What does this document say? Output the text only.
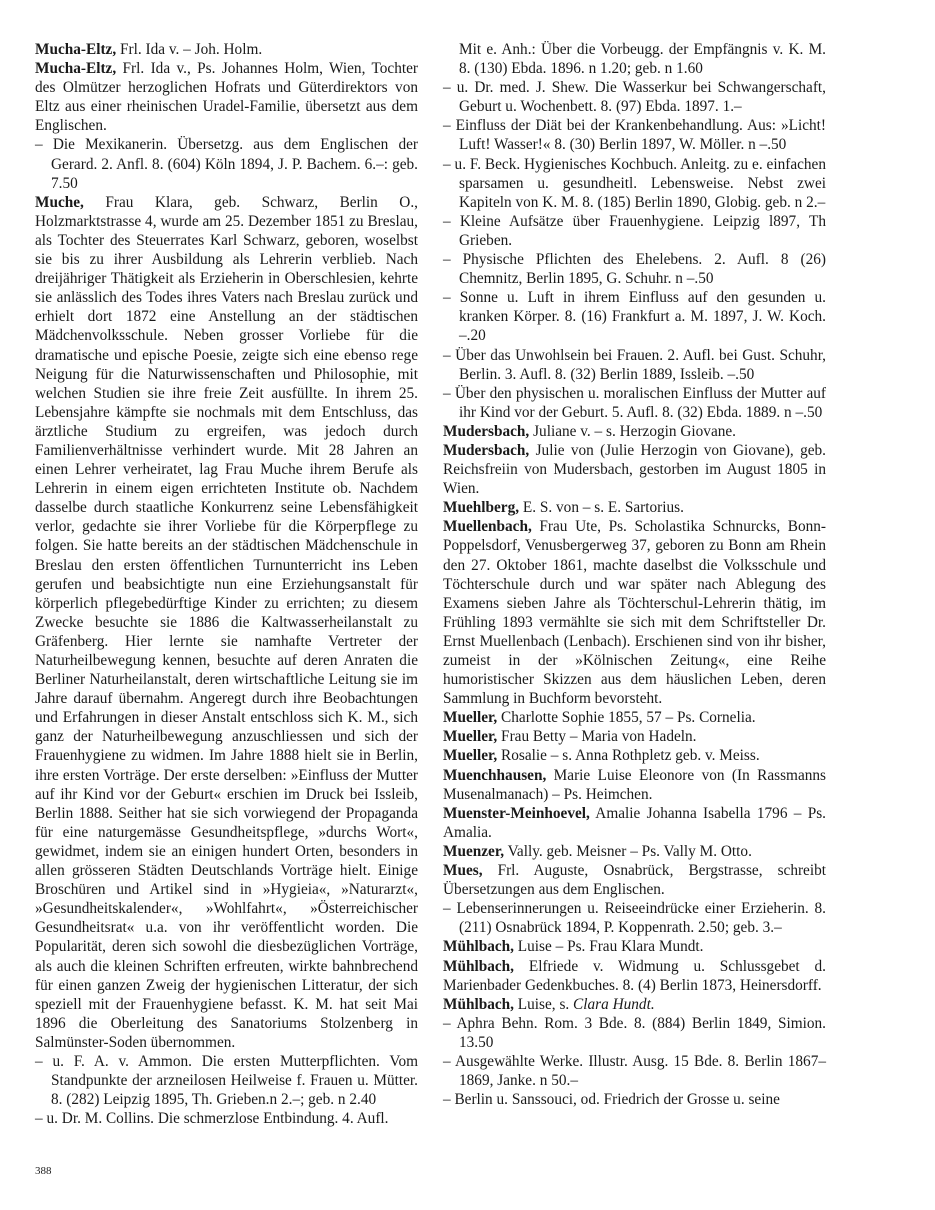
Mucha-Eltz, Frl. Ida v. – Joh. Holm.

Mucha-Eltz, Frl. Ida v., Ps. Johannes Holm, Wien, Tochter des Olmützer herzoglichen Hofrats und Güterdirektors von Eltz aus einer rheinischen Uradel-Familie, übersetzt aus dem Englischen.

– Die Mexikanerin. Übersetzg. aus dem Englischen der Gerard. 2. Anfl. 8. (604) Köln 1894, J. P. Bachem. 6.–: geb. 7.50

Muche, Frau Klara, geb. Schwarz, Berlin O., Holzmarktstrasse 4, wurde am 25. Dezember 1851 zu Breslau, als Tochter des Steuerrates Karl Schwarz, geboren, woselbst sie bis zu ihrer Ausbildung als Lehrerin verblieb. Nach dreijähriger Thätigkeit als Erzieherin in Oberschlesien, kehrte sie anlässlich des Todes ihres Vaters nach Breslau zurück und erhielt dort 1872 eine Anstellung an der städtischen Mädchenvolksschule. Neben grosser Vorliebe für die dramatische und epische Poesie, zeigte sich eine ebenso rege Neigung für die Naturwissenschaften und Philosophie, mit welchen Studien sie ihre freie Zeit ausfüllte. In ihrem 25. Lebensjahre kämpfte sie nochmals mit dem Entschluss, das ärztliche Studium zu ergreifen, was jedoch durch Familienverhältnisse verhindert wurde. Mit 28 Jahren an einen Lehrer verheiratet, lag Frau Muche ihrem Berufe als Lehrerin in einem eigen errichteten Institute ob. Nachdem dasselbe durch staatliche Konkurrenz seine Lebensfähigkeit verlor, gedachte sie ihrer Vorliebe für die Körperpflege zu folgen. Sie hatte bereits an der städtischen Mädchenschule in Breslau den ersten öffentlichen Turnunterricht ins Leben gerufen und beabsichtigte nun eine Erziehungsanstalt für körperlich pflegebedürftige Kinder zu errichten; zu diesem Zwecke besuchte sie 1886 die Kaltwasserheilanstalt zu Gräfenberg. Hier lernte sie namhafte Vertreter der Naturheilbewegung kennen, besuchte auf deren Anraten die Berliner Naturheilanstalt, deren wirtschaftliche Leitung sie im Jahre darauf übernahm. Angeregt durch ihre Beobachtungen und Erfahrungen in dieser Anstalt entschloss sich K. M., sich ganz der Naturheilbewegung anzuschliessen und sich der Frauenhygiene zu widmen. Im Jahre 1888 hielt sie in Berlin, ihre ersten Vorträge. Der erste derselben: »Einfluss der Mutter auf ihr Kind vor der Geburt« erschien im Druck bei Issleib, Berlin 1888. Seither hat sie sich vorwiegend der Propaganda für eine naturgemässe Gesundheitspflege, »durchs Wort«, gewidmet, indem sie an einigen hundert Orten, besonders in allen grösseren Städten Deutschlands Vorträge hielt. Einige Broschüren und Artikel sind in »Hygieia«, »Naturarzt«, »Gesundheitskalender«, »Wohlfahrt«, »Österreichischer Gesundheitsrat« u.a. von ihr veröffentlicht worden. Die Popularität, deren sich sowohl die diesbezüglichen Vorträge, als auch die kleinen Schriften erfreuten, wirkte bahnbrechend für einen ganzen Zweig der hygienischen Litteratur, der sich speziell mit der Frauenhygiene befasst. K. M. hat seit Mai 1896 die Oberleitung des Sanatoriums Stolzenberg in Salmünster-Soden übernommen.

– u. F. A. v. Ammon. Die ersten Mutterpflichten. Vom Standpunkte der arzneilosen Heilweise f. Frauen u. Mütter. 8. (282) Leipzig 1895, Th. Grieben.n 2.–; geb. n 2.40

– u. Dr. M. Collins. Die schmerzlose Entbindung. 4. Aufl.

Mit e. Anh.: Über die Vorbeugg. der Empfängnis v. K. M. 8. (130) Ebda. 1896. n 1.20; geb. n 1.60

– u. Dr. med. J. Shew. Die Wasserkur bei Schwangerschaft, Geburt u. Wochenbett. 8. (97) Ebda. 1897. 1.–

– Einfluss der Diät bei der Krankenbehandlung. Aus: »Licht! Luft! Wasser!« 8. (30) Berlin 1897, W. Möller. n –.50

– u. F. Beck. Hygienisches Kochbuch. Anleitg. zu e. einfachen sparsamen u. gesundheitl. Lebensweise. Nebst zwei Kapiteln von K. M. 8. (185) Berlin 1890, Globig. geb. n 2.–

– Kleine Aufsätze über Frauenhygiene. Leipzig l897, Th Grieben.

– Physische Pflichten des Ehelebens. 2. Aufl. 8 (26) Chemnitz, Berlin 1895, G. Schuhr. n –.50

– Sonne u. Luft in ihrem Einfluss auf den gesunden u. kranken Körper. 8. (16) Frankfurt a. M. 1897, J. W. Koch. –.20

– Über das Unwohlsein bei Frauen. 2. Aufl. bei Gust. Schuhr, Berlin. 3. Aufl. 8. (32) Berlin 1889, Issleib. –.50

– Über den physischen u. moralischen Einfluss der Mutter auf ihr Kind vor der Geburt. 5. Aufl. 8. (32) Ebda. 1889. n –.50

Mudersbach, Juliane v. – s. Herzogin Giovane.

Mudersbach, Julie von (Julie Herzogin von Giovane), geb. Reichsfreiin von Mudersbach, gestorben im August 1805 in Wien.

Muehlberg, E. S. von – s. E. Sartorius.

Muellenbach, Frau Ute, Ps. Scholastika Schnurcks, Bonn-Poppelsdorf, Venusbergerweg 37, geboren zu Bonn am Rhein den 27. Oktober 1861, machte daselbst die Volksschule und Töchterschule durch und war später nach Ablegung des Examens sieben Jahre als Töchterschul-Lehrerin thätig, im Frühling 1893 vermählte sie sich mit dem Schriftsteller Dr. Ernst Muellenbach (Lenbach). Erschienen sind von ihr bisher, zumeist in der »Kölnischen Zeitung«, eine Reihe humoristischer Skizzen aus dem häuslichen Leben, deren Sammlung in Buchform bevorsteht.

Mueller, Charlotte Sophie 1855, 57 – Ps. Cornelia.

Mueller, Frau Betty – Maria von Hadeln.

Mueller, Rosalie – s. Anna Rothpletz geb. v. Meiss.

Muenchhausen, Marie Luise Eleonore von (In Rassmanns Musenalmanach) – Ps. Heimchen.

Muenster-Meinhoevel, Amalie Johanna Isabella 1796 – Ps. Amalia.

Muenzer, Vally. geb. Meisner – Ps. Vally M. Otto.

Mues, Frl. Auguste, Osnabrück, Bergstrasse, schreibt Übersetzungen aus dem Englischen.

– Lebenserinnerungen u. Reiseeindrücke einer Erzieherin. 8. (211) Osnabrück 1894, P. Koppenrath. 2.50; geb. 3.–

Mühlbach, Luise – Ps. Frau Klara Mundt.

Mühlbach, Elfriede v. Widmung u. Schlussgebet d. Marienbader Gedenkbuches. 8. (4) Berlin 1873, Heinersdorff.

Mühlbach, Luise, s. Clara Hundt.

– Aphra Behn. Rom. 3 Bde. 8. (884) Berlin 1849, Simion. 13.50

– Ausgewählte Werke. Illustr. Ausg. 15 Bde. 8. Berlin 1867–1869, Janke. n 50.–

– Berlin u. Sanssouci, od. Friedrich der Grosse u. seine

388
